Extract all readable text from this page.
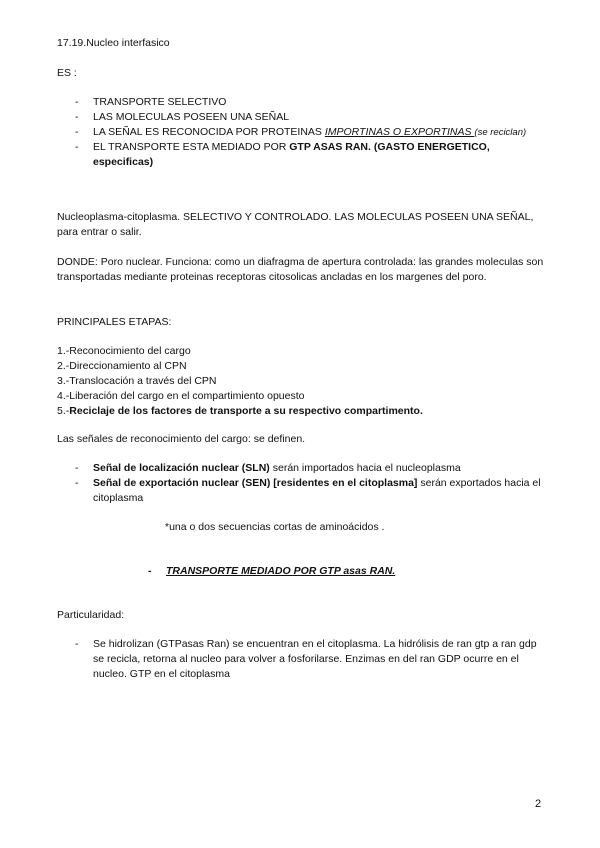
17.19.Nucleo interfasico

ES :

- TRANSPORTE SELECTIVO
- LAS MOLECULAS POSEEN UNA SEÑAL
- LA SEÑAL ES RECONOCIDA POR PROTEINAS IMPORTINAS O EXPORTINAS (se reciclan)
- EL TRANSPORTE ESTA MEDIADO POR GTP ASAS RAN. (GASTO ENERGETICO, especificas)

Nucleoplasma-citoplasma. SELECTIVO Y CONTROLADO. LAS MOLECULAS POSEEN UNA SEÑAL, para entrar o salir.

DONDE: Poro nuclear. Funciona: como un diafragma de apertura controlada: las grandes moleculas son transportadas mediante proteinas receptoras citosolicas ancladas en los margenes del poro.

PRINCIPALES ETAPAS:

1.-Reconocimiento del cargo
2.-Direccionamiento al CPN
3.-Translocación a través del CPN
4.-Liberación del cargo en el compartimiento opuesto
5.-Reciclaje de los factores de transporte a su respectivo compartimento.

Las señales de reconocimiento del cargo: se definen.

- Señal de localización nuclear (SLN) serán importados hacia el nucleoplasma
- Señal de exportación nuclear (SEN) [residentes en el citoplasma] serán exportados hacia el citoplasma

*una o dos secuencias cortas de aminoácidos .

- TRANSPORTE MEDIADO POR GTP asas RAN.

Particularidad:

- Se hidrolizan (GTPasas Ran) se encuentran en el citoplasma. La hidrólisis de ran gtp a ran gdp se recicla, retorna al nucleo para volver a fosforilarse. Enzimas en del ran GDP ocurre en el nucleo. GTP en el citoplasma
2
